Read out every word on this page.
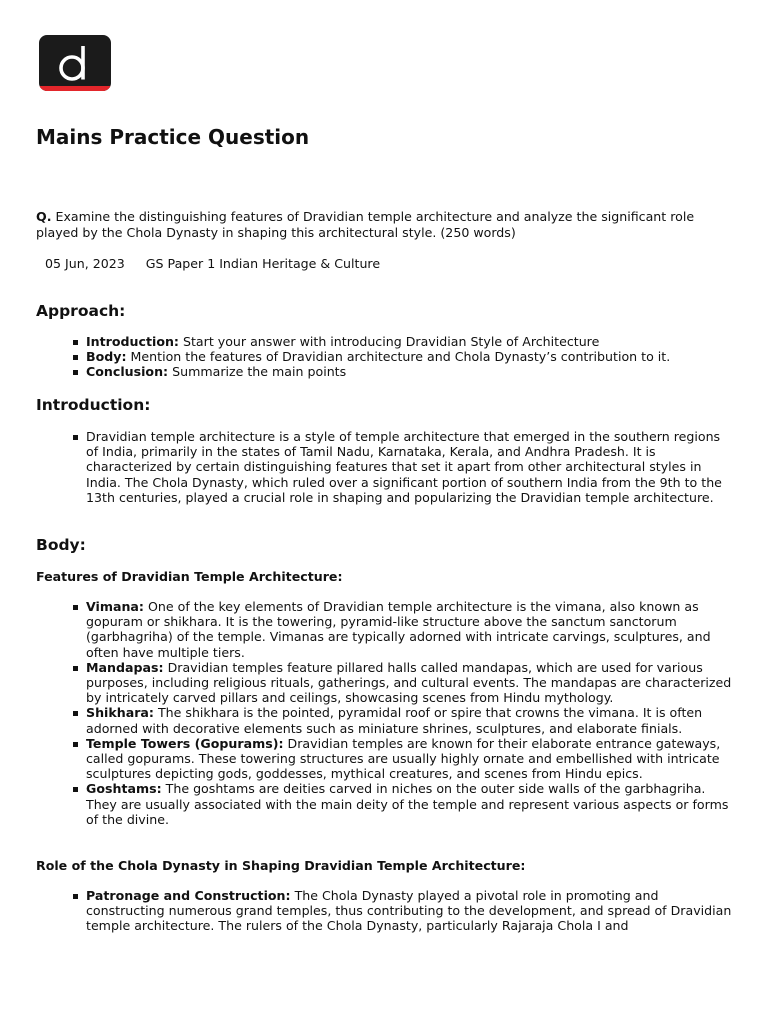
Mains Practice Question

Q. Examine the distinguishing features of Dravidian temple architecture and analyze the significant role played by the Chola Dynasty in shaping this architectural style. (250 words)

05 Jun, 2023 GS Paper 1 Indian Heritage & Culture
Approach:
Introduction: Start your answer with introducing Dravidian Style of Architecture
Body: Mention the features of Dravidian architecture and Chola Dynasty’s contribution to it.
Conclusion: Summarize the main points
Introduction:
Dravidian temple architecture is a style of temple architecture that emerged in the southern regions of India, primarily in the states of Tamil Nadu, Karnataka, Kerala, and Andhra Pradesh. It is characterized by certain distinguishing features that set it apart from other architectural styles in India. The Chola Dynasty, which ruled over a significant portion of southern India from the 9th to the 13th centuries, played a crucial role in shaping and popularizing the Dravidian temple architecture.
Body:
Features of Dravidian Temple Architecture:
Vimana: One of the key elements of Dravidian temple architecture is the vimana, also known as gopuram or shikhara. It is the towering, pyramid-like structure above the sanctum sanctorum (garbhagriha) of the temple. Vimanas are typically adorned with intricate carvings, sculptures, and often have multiple tiers.
Mandapas: Dravidian temples feature pillared halls called mandapas, which are used for various purposes, including religious rituals, gatherings, and cultural events. The mandapas are characterized by intricately carved pillars and ceilings, showcasing scenes from Hindu mythology.
Shikhara: The shikhara is the pointed, pyramidal roof or spire that crowns the vimana. It is often adorned with decorative elements such as miniature shrines, sculptures, and elaborate finials.
Temple Towers (Gopurams): Dravidian temples are known for their elaborate entrance gateways, called gopurams. These towering structures are usually highly ornate and embellished with intricate sculptures depicting gods, goddesses, mythical creatures, and scenes from Hindu epics.
Goshtams: The goshtams are deities carved in niches on the outer side walls of the garbhagriha. They are usually associated with the main deity of the temple and represent various aspects or forms of the divine.
Role of the Chola Dynasty in Shaping Dravidian Temple Architecture:
Patronage and Construction: The Chola Dynasty played a pivotal role in promoting and constructing numerous grand temples, thus contributing to the development, and spread of Dravidian temple architecture. The rulers of the Chola Dynasty, particularly Rajaraja Chola I and
